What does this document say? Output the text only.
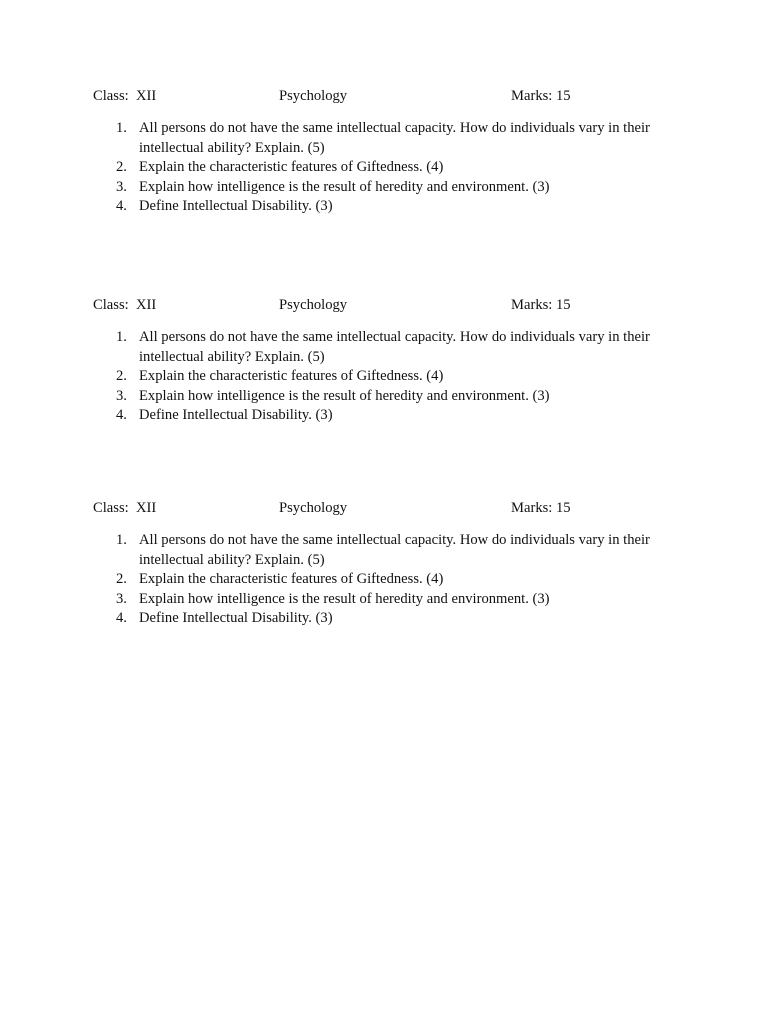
Class:  XII	Psychology	Marks: 15
1. All persons do not have the same intellectual capacity. How do individuals vary in their intellectual ability? Explain. (5)
2. Explain the characteristic features of Giftedness. (4)
3. Explain how intelligence is the result of heredity and environment. (3)
4. Define Intellectual Disability. (3)
Class:  XII	Psychology	Marks: 15
1. All persons do not have the same intellectual capacity. How do individuals vary in their intellectual ability? Explain. (5)
2. Explain the characteristic features of Giftedness. (4)
3. Explain how intelligence is the result of heredity and environment. (3)
4. Define Intellectual Disability. (3)
Class:  XII	Psychology	Marks: 15
1. All persons do not have the same intellectual capacity. How do individuals vary in their intellectual ability? Explain. (5)
2. Explain the characteristic features of Giftedness. (4)
3. Explain how intelligence is the result of heredity and environment. (3)
4. Define Intellectual Disability. (3)
